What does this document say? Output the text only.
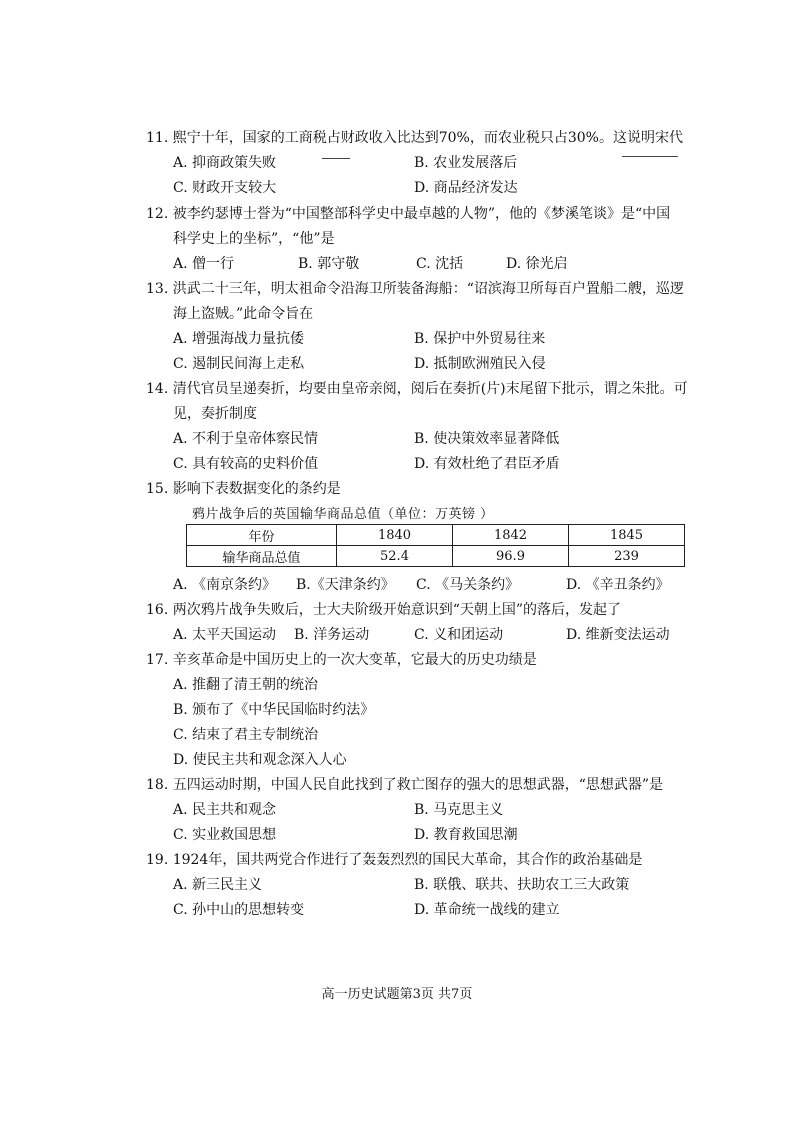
11. 熙宁十年，国家的工商税占财政收入比达到70%，而农业税只占30%。这说明宋代
A. 抑商政策失败	B. 农业发展落后
C. 财政开支较大	D. 商品经济发达
12. 被李约瑟博士誉为“中国整部科学史中最卓越的人物”，他的《梦溪笔谈》是“中国
科学史上的坐标”，“他”是
A. 僧一行	B. 郭守敬	C. 沈括	D. 徐光启
13. 洪武二十三年，明太祖命令沿海卫所装备海船：“诏滨海卫所每百户置船二艘，巡逻
海上盗贼。”此命令旨在
A. 增强海战力量抗倭	B. 保护中外贸易往来
C. 遏制民间海上走私	D. 抵制欧洲殖民入侵
14. 清代官员呈递奏折，均要由皇帝亲阅，阅后在奏折(片)末尾留下批示，谓之朱批。可
见，奏折制度
A. 不利于皇帝体察民情	B. 使决策效率显著降低
C. 具有较高的史料价值	D. 有效杜绝了君臣矛盾
15. 影响下表数据变化的条约是
鸦片战争后的英国输华商品总值（单位：万英镑 ）
年份	1840	1842	1845
输华商品总值	52.4	96.9	239
A. 《南京条约》 B.《天津条约》 C. 《马关条约》	D. 《辛丑条约》
16. 两次鸦片战争失败后，士大夫阶级开始意识到“天朝上国”的落后，发起了
A. 太平天国运动 B. 洋务运动	C. 义和团运动	D. 维新变法运动
17. 辛亥革命是中国历史上的一次大变革，它最大的历史功绩是
A. 推翻了清王朝的统治
B. 颁布了《中华民国临时约法》
C. 结束了君主专制统治
D. 使民主共和观念深入人心
18. 五四运动时期，中国人民自此找到了救亡图存的强大的思想武器，“思想武器”是
A. 民主共和观念	B. 马克思主义
C. 实业救国思想	D. 教育救国思潮
19. 1924年，国共两党合作进行了轰轰烈烈的国民大革命，其合作的政治基础是
A. 新三民主义	B. 联俄、联共、扶助农工三大政策
C. 孙中山的思想转变	D. 革命统一战线的建立
高一历史试题第3页 共7页
